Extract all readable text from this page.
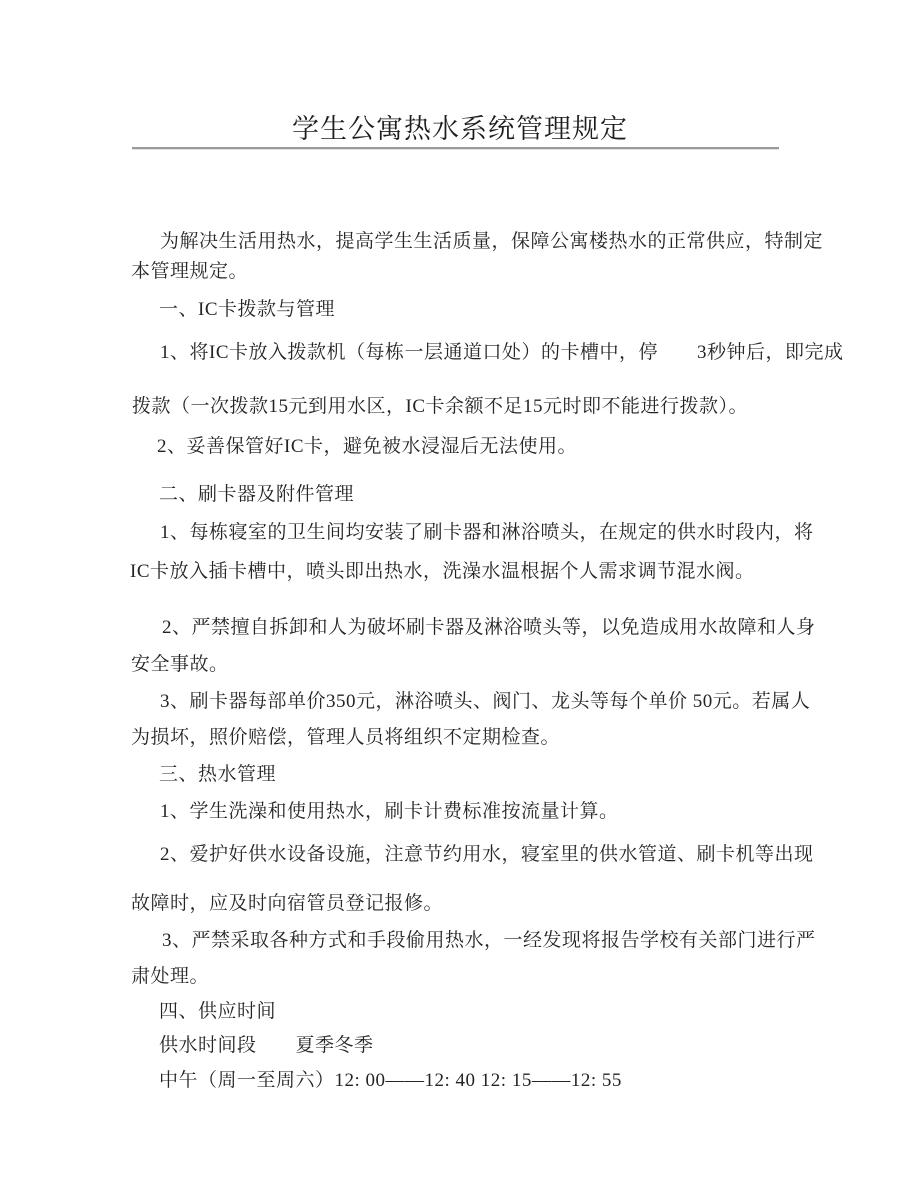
学生公寓热水系统管理规定
为解决生活用热水，提高学生生活质量，保障公寓楼热水的正常供应，特制定
本管理规定。
一、IC卡拨款与管理
1、将IC卡放入拨款机（每栋一层通道口处）的卡槽中，停　　3秒钟后，即完成
拨款（一次拨款15元到用水区，IC卡余额不足15元时即不能进行拨款）。
2、妥善保管好IC卡，避免被水浸湿后无法使用。
二、刷卡器及附件管理
1、每栋寝室的卫生间均安装了刷卡器和淋浴喷头，在规定的供水时段内，将
IC卡放入插卡槽中，喷头即出热水，洗澡水温根据个人需求调节混水阀。
2、严禁擅自拆卸和人为破坏刷卡器及淋浴喷头等，以免造成用水故障和人身
安全事故。
3、刷卡器每部单价350元，淋浴喷头、阀门、龙头等每个单价 50元。若属人
为损坏，照价赔偿，管理人员将组织不定期检查。
三、热水管理
1、学生洗澡和使用热水，刷卡计费标准按流量计算。
2、爱护好供水设备设施，注意节约用水，寝室里的供水管道、刷卡机等出现
故障时，应及时向宿管员登记报修。
3、严禁采取各种方式和手段偷用热水，一经发现将报告学校有关部门进行严
肃处理。
四、供应时间
供水时间段　　夏季冬季
中午（周一至周六）12: 00——12: 40 12: 15——12: 55
